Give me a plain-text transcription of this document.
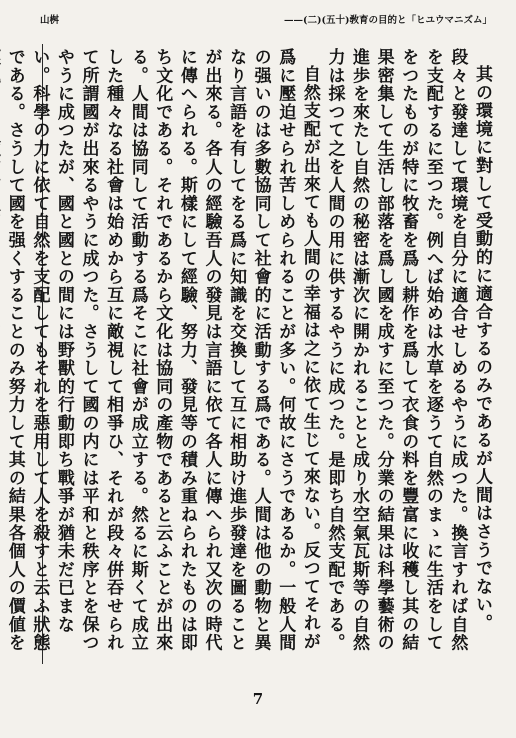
山桝	——(二)(五十)敎育の目的と「ヒユウマニズム」

其の環境に對して受動的に適合するのみであるが人間はさうでない。段々と發達して環境を自分に適合せしめるやうに成つた。換言すれば自然を支配するに至つた。例へば始めは水草を逐うて自然のまゝに生活をしてをつたものが特に牧畜を爲し耕作を爲して衣食の料を豐富に收穫し其の結果密集して生活し部落を爲し國を成すに至つた。分業の結果は科學藝術の進歩を來たし自然の秘密は漸次に開かれることと成り水空氣瓦斯等の自然力は採つて之を人間の用に供するやうに成つた。是即ち自然支配である。

自然支配が出來ても人間の幸福は之に依て生じて來ない。反つてそれが爲に壓迫せられ苦しめられることが多い。何故にさうであるか。一般人間の强いのは多數協同して社會的に活動する爲である。人間は他の動物と異なり言語を有してをる爲に知識を交換して互に相助け進歩發達を圖ることが出來る。各人の經驗吾人の發見は言語に依て各人に傳へられ又次の時代に傳へられる。斯樣にして經驗、努力、發見等の積み重ねられたものは即ち文化である。それであるから文化は協同の產物であると云ふことが出來る。人間は協同して活動する爲そこに社會が成立する。然るに斯くて成立した種々なる社會は始めから互に敵視して相爭ひ、それが段々倂吞せられて所謂國が出來るやうに成つた。さうして國の内には平和と秩序とを保つやうに成つたが、國と國との間には野獸的行動即ち戰爭が猶未だ已まない。科學の力に依て自然を支配してもそれを惡用して人を殺すと云ふ狀態である。さうして國を强くすることのみ努力して其の結果各個人の價値を

7
